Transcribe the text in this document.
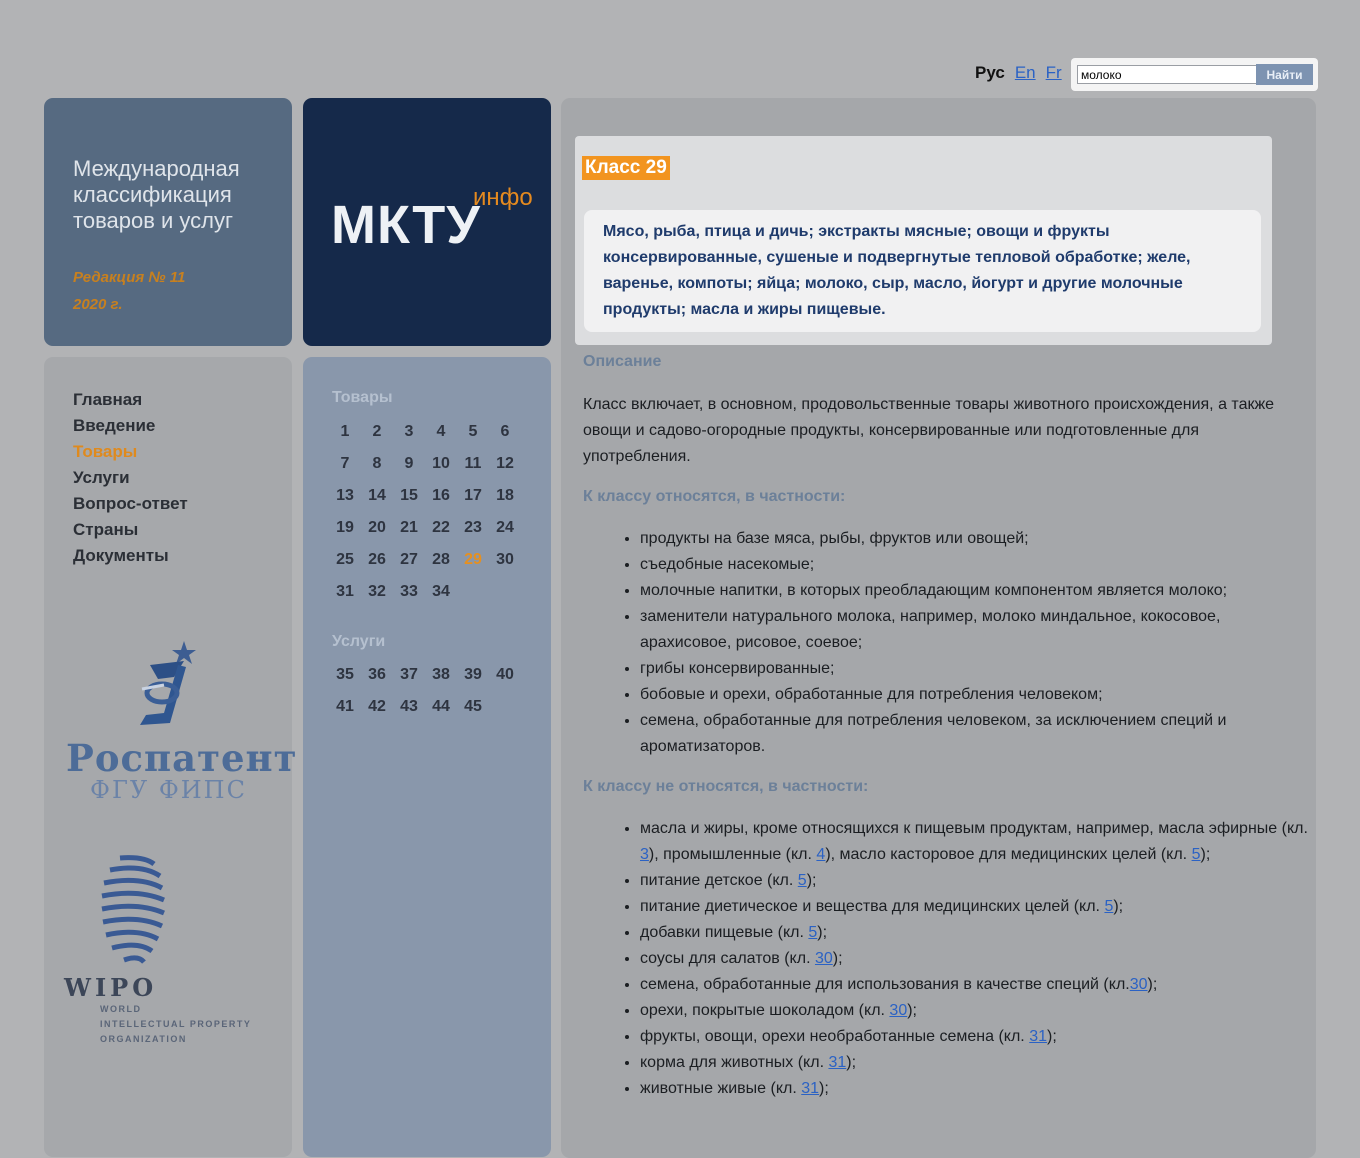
Рус En Fr
молоко	Найти
Международная классификация товаров и услуг
Редакция № 11
2020 г.
МКТУ
инфо
Главная
Введение
Товары
Услуги
Вопрос-ответ
Страны
Документы
Роспатент
ФГУ ФИПС
WIPO
WORLD
INTELLECTUAL PROPERTY
ORGANIZATION
Товары
1	2	3	4	5	6
7	8	9	10 11 12
13 14 15 16 17 18
19 20 21 22 23 24
25 26 27 28 29 30
31 32 33 34
Услуги
35 36 37 38 39 40
41 42 43 44 45
Класс 29
Мясо, рыба, птица и дичь; экстракты мясные; овощи и фрукты консервированные, сушеные и подвергнутые тепловой обработке; желе, варенье, компоты; яйца; молоко, сыр, масло, йогурт и другие молочные продукты; масла и жиры пищевые.
Описание
Класс включает, в основном, продовольственные товары животного происхождения, а также овощи и садово-огородные продукты, консервированные или подготовленные для употребления.
К классу относятся, в частности:
• продукты на базе мяса, рыбы, фруктов или овощей;
• съедобные насекомые;
• молочные напитки, в которых преобладающим компонентом является молоко;
• заменители натурального молока, например, молоко миндальное, кокосовое, арахисовое, рисовое, соевое;
• грибы консервированные;
• бобовые и орехи, обработанные для потребления человеком;
• семена, обработанные для потребления человеком, за исключением специй и ароматизаторов.
К классу не относятся, в частности:
• масла и жиры, кроме относящихся к пищевым продуктам, например, масла эфирные (кл. 3), промышленные (кл. 4), масло касторовое для медицинских целей (кл. 5);
• питание детское (кл. 5);
• питание диетическое и вещества для медицинских целей (кл. 5);
• добавки пищевые (кл. 5);
• соусы для салатов (кл. 30);
• семена, обработанные для использования в качестве специй (кл.30);
• орехи, покрытые шоколадом (кл. 30);
• фрукты, овощи, орехи необработанные семена (кл. 31);
• корма для животных (кл. 31);
• животные живые (кл. 31);
